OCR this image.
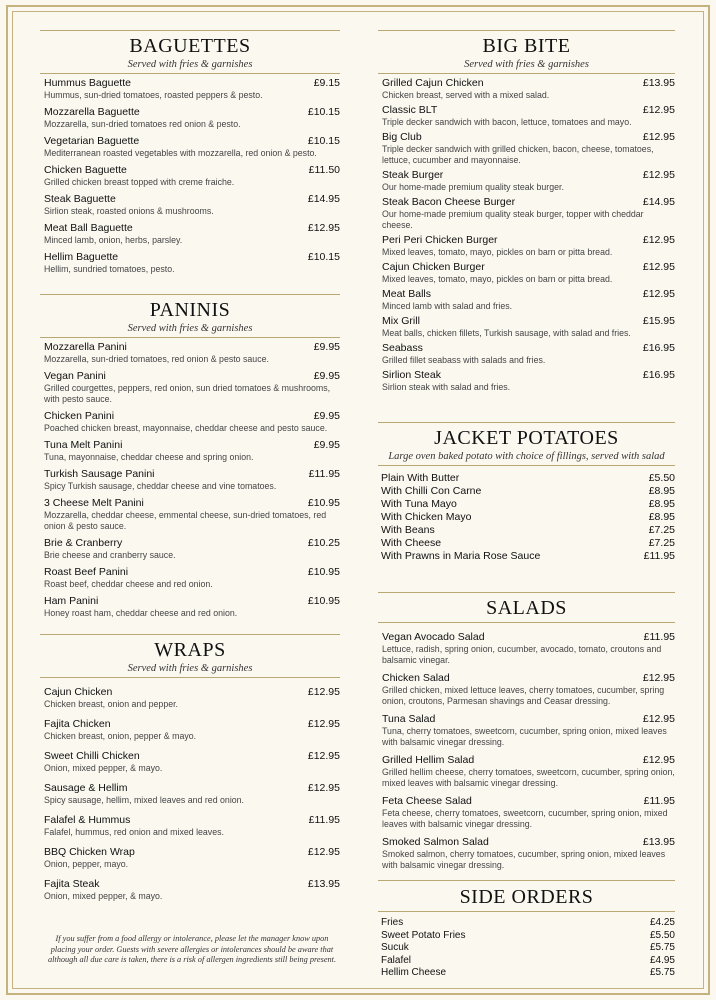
BAGUETTES
Served with fries & garnishes
Hummus Baguette	£9.15
Hummus, sun-dried tomatoes, roasted peppers & pesto.
Mozzarella Baguette	£10.15
Mozzarella, sun-dried tomatoes red onion & pesto.
Vegetarian Baguette	£10.15
Mediterranean roasted vegetables with mozzarella, red onion & pesto.
Chicken Baguette	£11.50
Grilled chicken breast topped with creme fraiche.
Steak Baguette	£14.95
Sirlion steak, roasted onions & mushrooms.
Meat Ball Baguette	£12.95
Minced lamb, onion, herbs, parsley.
Hellim Baguette	£10.15
Hellim, sundried tomatoes, pesto.
PANINIS
Served with fries & garnishes
Mozzarella Panini	£9.95
Mozzarella, sun-dried tomatoes, red onion & pesto sauce.
Vegan Panini	£9.95
Grilled courgettes, peppers, red onion, sun dried tomatoes & mushrooms, with pesto sauce.
Chicken Panini	£9.95
Poached chicken breast, mayonnaise, cheddar cheese and pesto sauce.
Tuna Melt Panini	£9.95
Tuna, mayonnaise, cheddar cheese and spring onion.
Turkish Sausage Panini	£11.95
Spicy Turkish sausage, cheddar cheese and vine tomatoes.
3 Cheese Melt Panini	£10.95
Mozzarella, cheddar cheese, emmental cheese, sun-dried tomatoes, red onion & pesto sauce.
Brie & Cranberry	£10.25
Brie cheese and cranberry sauce.
Roast Beef Panini	£10.95
Roast beef, cheddar cheese and red onion.
Ham Panini	£10.95
Honey roast ham, cheddar cheese and red onion.
WRAPS
Served with fries & garnishes
Cajun Chicken	£12.95
Chicken breast, onion and pepper.
Fajita Chicken	£12.95
Chicken breast, onion, pepper & mayo.
Sweet Chilli Chicken	£12.95
Onion, mixed pepper, & mayo.
Sausage & Hellim	£12.95
Spicy sausage, hellim, mixed leaves and red onion.
Falafel & Hummus	£11.95
Falafel, hummus, red onion and mixed leaves.
BBQ Chicken Wrap	£12.95
Onion, pepper, mayo.
Fajita Steak	£13.95
Onion, mixed pepper, & mayo.
If you suffer from a food allergy or intolerance, please let the manager know upon placing your order. Guests with severe allergies or intolerances should be aware that although all due care is taken, there is a risk of allergen ingredients still being present.
BIG BITE
Served with fries & garnishes
Grilled Cajun Chicken	£13.95
Chicken breast, served with a mixed salad.
Classic BLT	£12.95
Triple decker sandwich with bacon, lettuce, tomatoes and mayo.
Big Club	£12.95
Triple decker sandwich with grilled chicken, bacon, cheese, tomatoes, lettuce, cucumber and mayonnaise.
Steak Burger	£12.95
Our home-made premium quality steak burger.
Steak Bacon Cheese Burger	£14.95
Our home-made premium quality steak burger, topper with cheddar cheese.
Peri Peri Chicken Burger	£12.95
Mixed leaves, tomato, mayo, pickles on barn or pitta bread.
Cajun Chicken Burger	£12.95
Mixed leaves, tomato, mayo, pickles on barn or pitta bread.
Meat Balls	£12.95
Minced lamb with salad and fries.
Mix Grill	£15.95
Meat balls, chicken fillets, Turkish sausage, with salad and fries.
Seabass	£16.95
Grilled fillet seabass with salads and fries.
Sirlion Steak	£16.95
Sirlion steak with salad and fries.
JACKET POTATOES
Large oven baked potato with choice of fillings, served with salad
Plain With Butter	£5.50
With Chilli Con Carne	£8.95
With Tuna Mayo	£8.95
With Chicken Mayo	£8.95
With Beans	£7.25
With Cheese	£7.25
With Prawns in Maria Rose Sauce	£11.95
SALADS
Vegan Avocado Salad	£11.95
Lettuce, radish, spring onion, cucumber, avocado, tomato, croutons and balsamic vinegar.
Chicken Salad	£12.95
Grilled chicken, mixed lettuce leaves, cherry tomatoes, cucumber, spring onion, croutons, Parmesan shavings and Ceasar dressing.
Tuna Salad	£12.95
Tuna, cherry tomatoes, sweetcorn, cucumber, spring onion, mixed leaves with balsamic vinegar dressing.
Grilled Hellim Salad	£12.95
Grilled hellim cheese, cherry tomatoes, sweetcorn, cucumber, spring onion, mixed leaves with balsamic vinegar dressing.
Feta Cheese Salad	£11.95
Feta cheese, cherry tomatoes, sweetcorn, cucumber, spring onion, mixed leaves with balsamic vinegar dressing.
Smoked Salmon Salad	£13.95
Smoked salmon, cherry tomatoes, cucumber, spring onion, mixed leaves with balsamic vinegar dressing.
SIDE ORDERS
Fries	£4.25
Sweet Potato Fries	£5.50
Sucuk	£5.75
Falafel	£4.95
Hellim Cheese	£5.75
